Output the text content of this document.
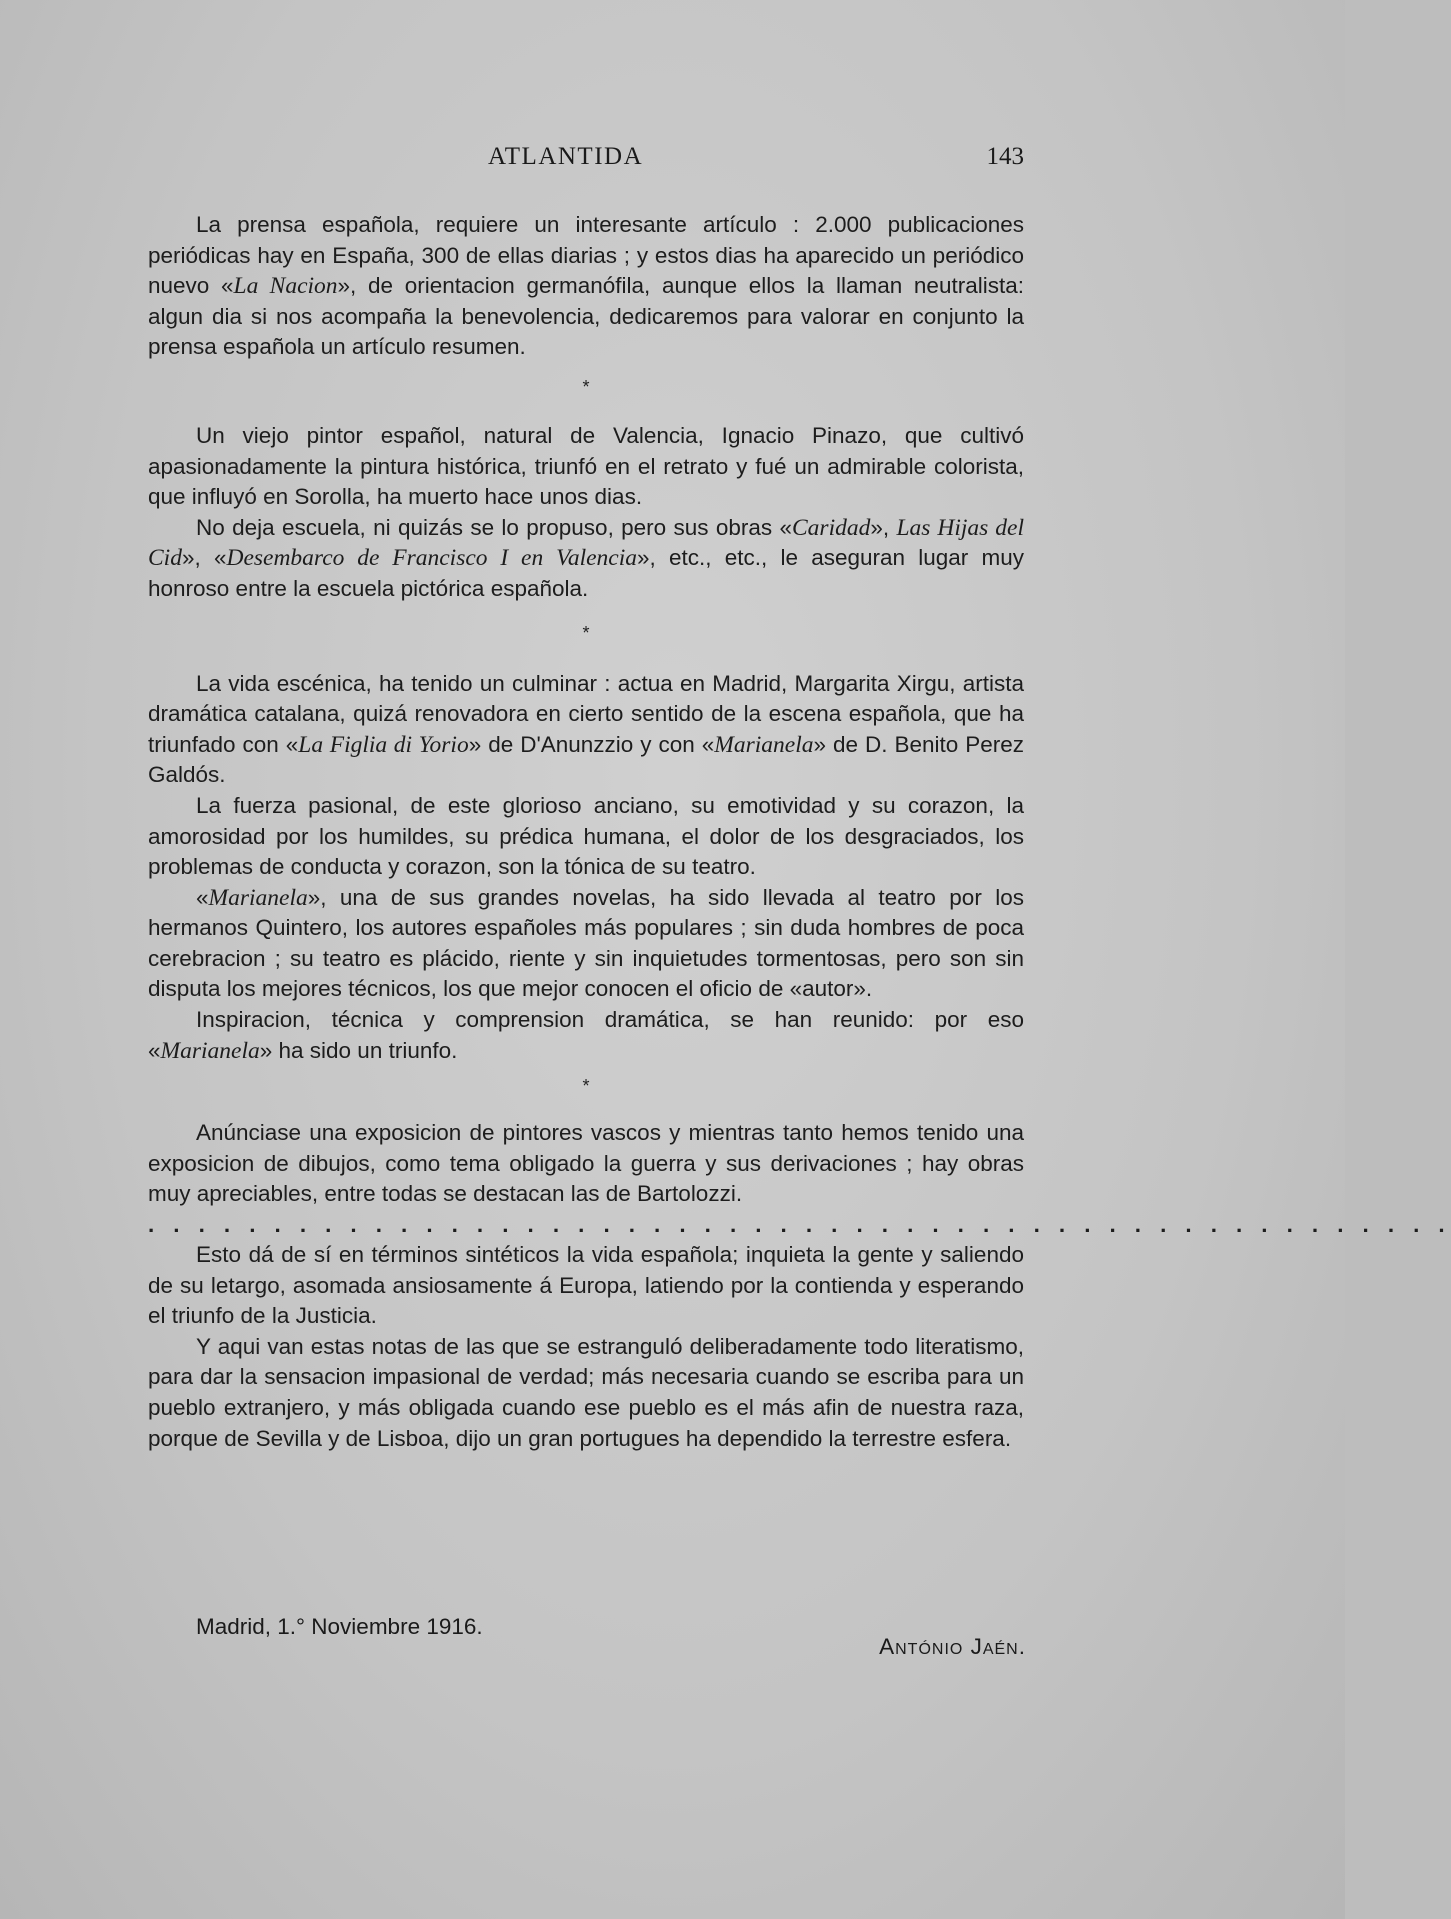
ATLANTIDA	143

La prensa española, requiere un interesante artículo : 2.000 publicaciones periódicas hay en España, 300 de ellas diarias ; y estos dias ha aparecido un periódico nuevo «La Nacion», de orientacion germanófila, aunque ellos la llaman neutralista: algun dia si nos acompaña la benevolencia, dedicaremos para valorar en conjunto la prensa española un artículo resumen.

*

Un viejo pintor español, natural de Valencia, Ignacio Pinazo, que cultivó apasionadamente la pintura histórica, triunfó en el retrato y fué un admirable colorista, que influyó en Sorolla, ha muerto hace unos dias.

No deja escuela, ni quizás se lo propuso, pero sus obras «Caridad», Las Hijas del Cid», «Desembarco de Francisco I en Valencia», etc., etc., le aseguran lugar muy honroso entre la escuela pictórica española.

*

La vida escénica, ha tenido un culminar : actua en Madrid, Margarita Xirgu, artista dramática catalana, quizá renovadora en cierto sentido de la escena española, que ha triunfado con «La Figlia di Yorio» de D'Anunzzio y con «Marianela» de D. Benito Perez Galdós.

La fuerza pasional, de este glorioso anciano, su emotividad y su corazon, la amorosidad por los humildes, su prédica humana, el dolor de los desgraciados, los problemas de conducta y corazon, son la tónica de su teatro.

«Marianela», una de sus grandes novelas, ha sido llevada al teatro por los hermanos Quintero, los autores españoles más populares ; sin duda hombres de poca cerebracion ; su teatro es plácido, riente y sin inquietudes tormentosas, pero son sin disputa los mejores técnicos, los que mejor conocen el oficio de «autor».

Inspiracion, técnica y comprension dramática, se han reunido: por eso «Marianela» ha sido un triunfo.

*

Anúnciase una exposicion de pintores vascos y mientras tanto hemos tenido una exposicion de dibujos, como tema obligado la guerra y sus derivaciones ; hay obras muy apreciables, entre todas se destacan las de Bartolozzi.

. . . . . . . . . . . . . . . . . . . . . . . . . . . . . . . . . . . . . . . . . . . . . . . . . . . .

Esto dá de sí en términos sintéticos la vida española; inquieta la gente y saliendo de su letargo, asomada ansiosamente á Europa, latiendo por la contienda y esperando el triunfo de la Justicia.

Y aqui van estas notas de las que se estranguló deliberadamente todo literatismo, para dar la sensacion impasional de verdad; más necesaria cuando se escriba para un pueblo extranjero, y más obligada cuando ese pueblo es el más afin de nuestra raza, porque de Sevilla y de Lisboa, dijo un gran portugues ha dependido la terrestre esfera.

Madrid, 1.° Noviembre 1916.
António Jaén.
